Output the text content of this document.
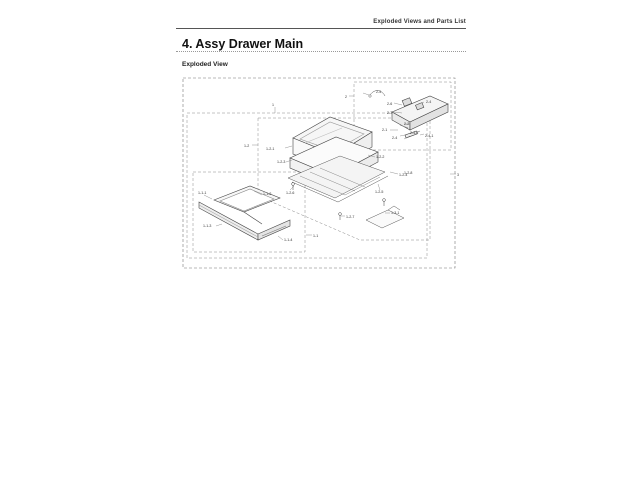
Exploded Views and Parts List
4. Assy Drawer Main
Exploded View
1
2
3
1-2
2-5
2-4
2-6
2-3
2-2
2-1
2-4
2-4-2
2-4-1
1-2-1
1-2-2
1-2-3
1-2-4
1-2-5
1-2-6
1-2-7
1-2-8
1-3-1
1-1-1	1-1-2
1-1-3
1-1-4
1-1
